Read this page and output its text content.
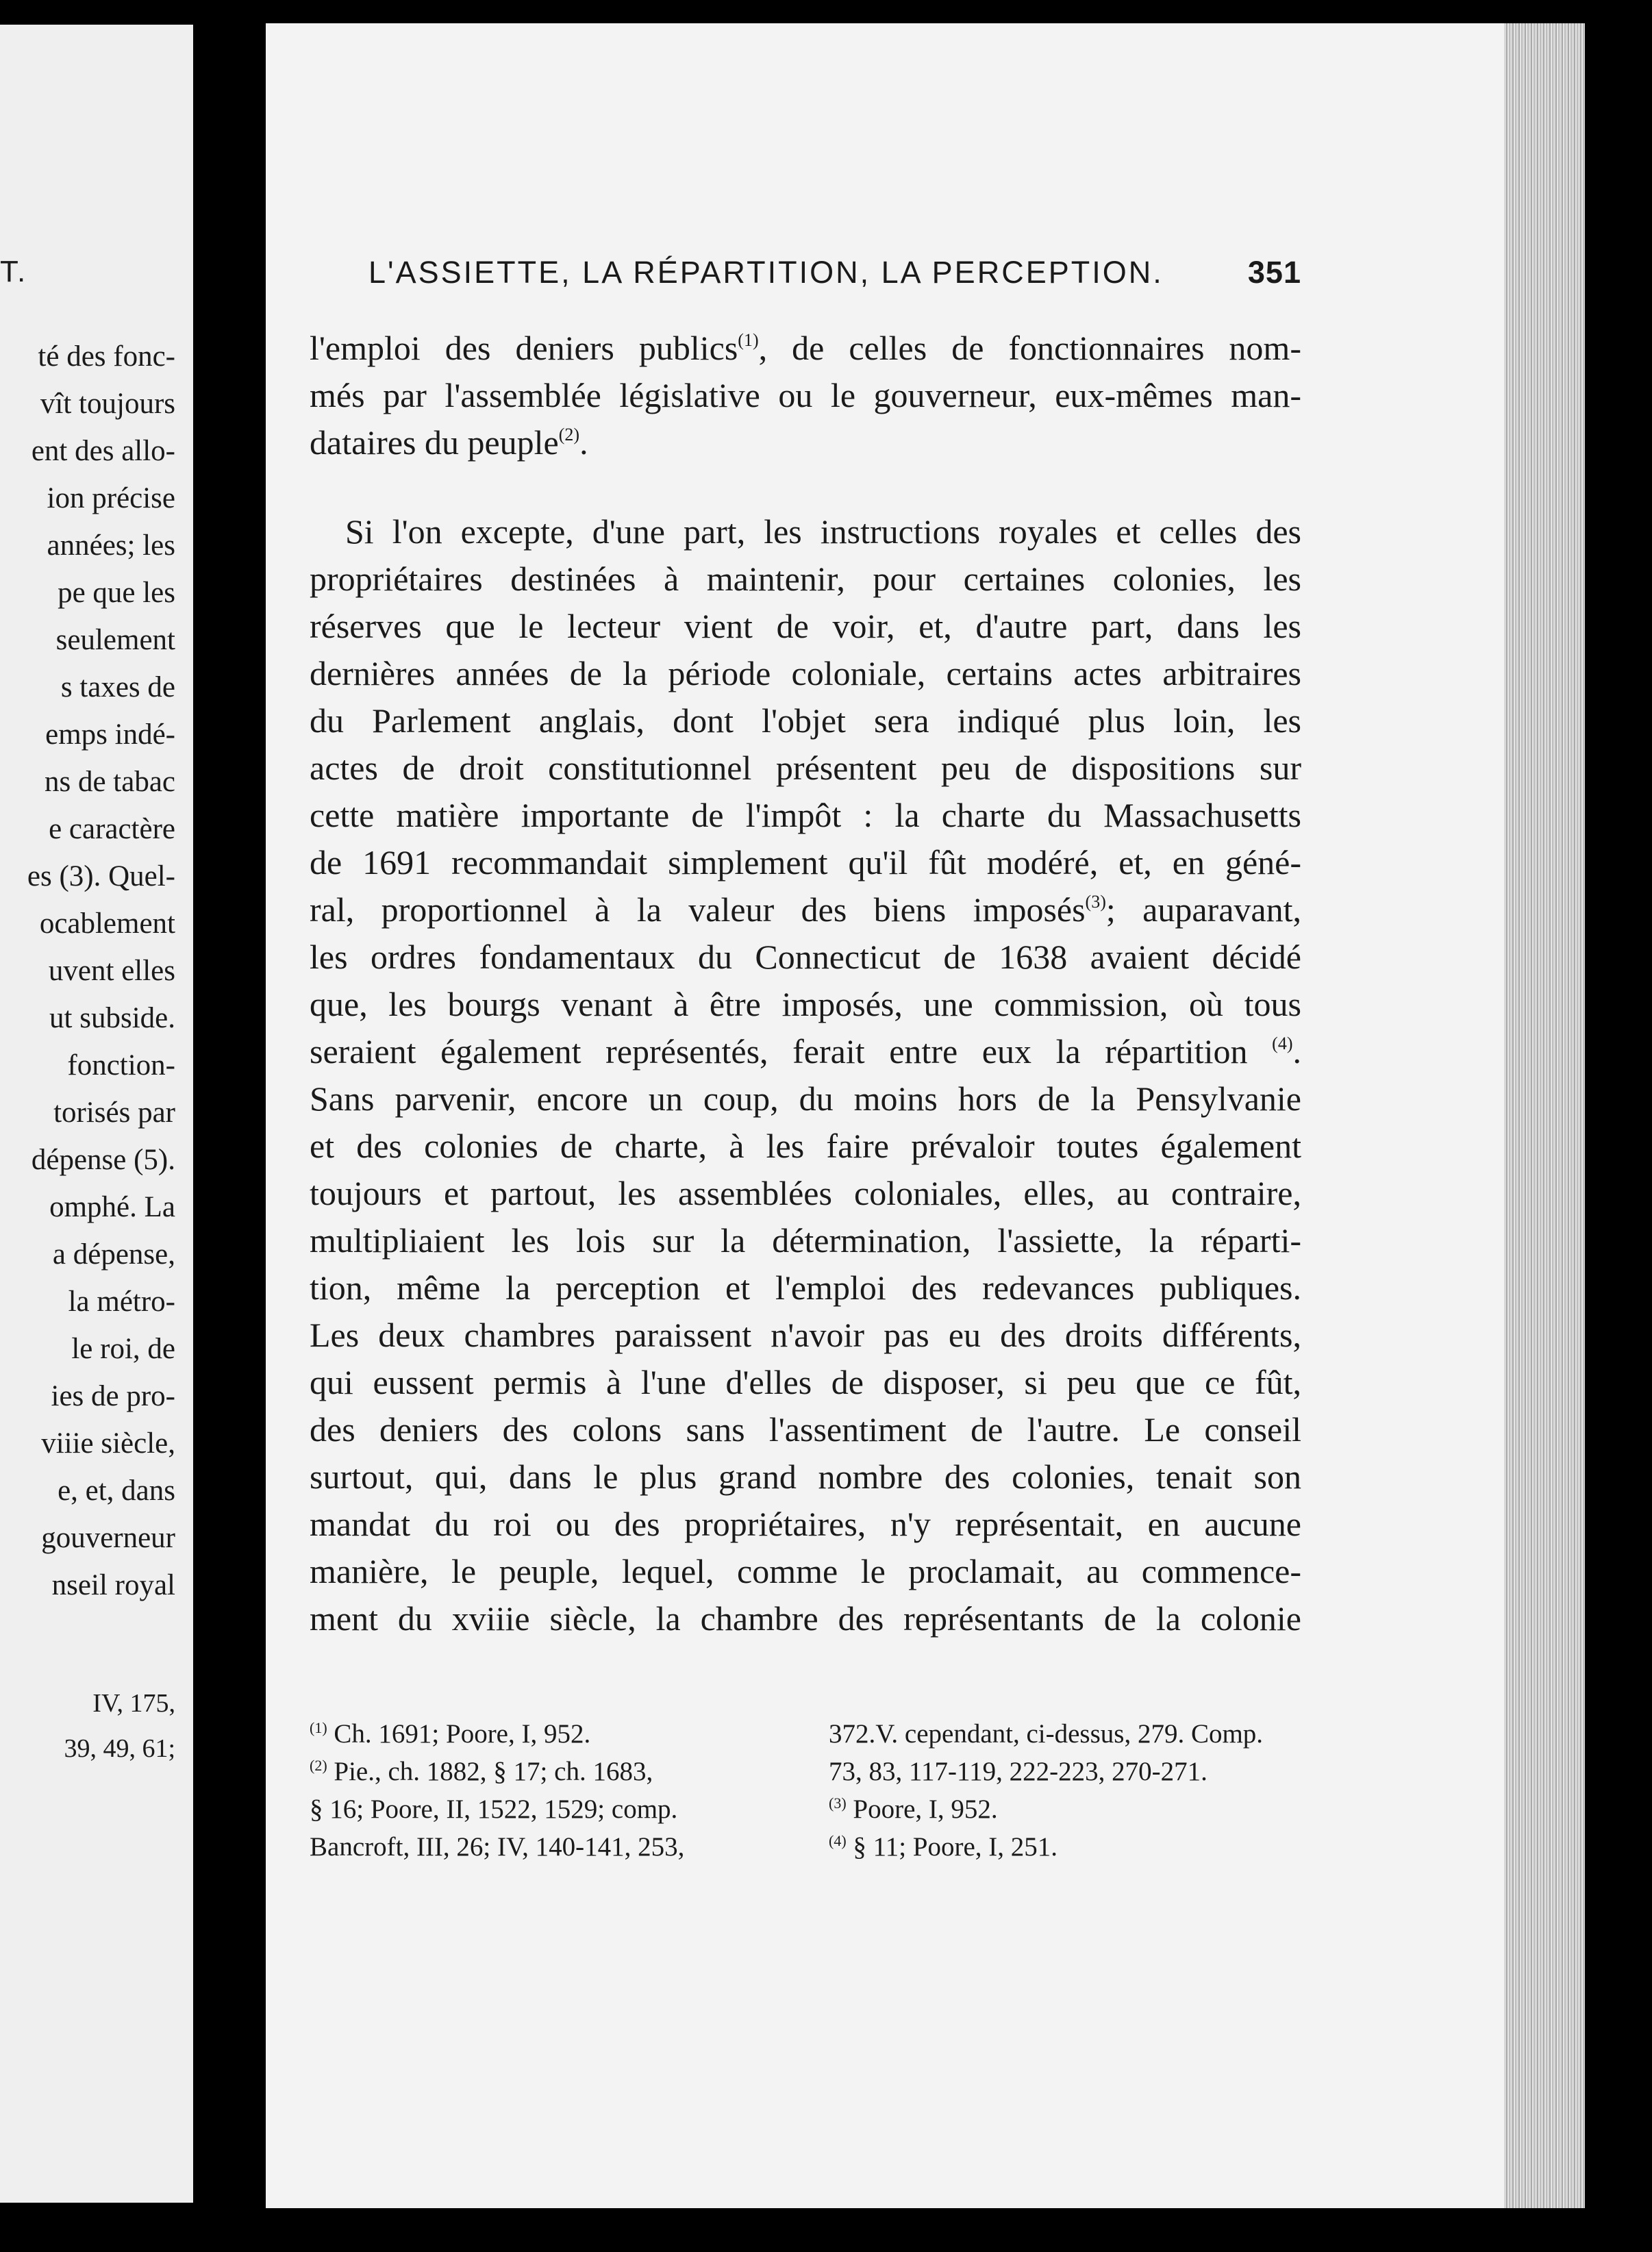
T.
té des fonc-
vît toujours
ent des allo-
ion précise
années; les
pe que les
seulement
s taxes de
emps indé-
ns de tabac
e caractère
es (3). Quel-
ocablement
uvent elles
ut subside.
fonction-
torisés par
dépense (5).
omphé. La
a dépense,
la métro-
le roi, de
ies de pro-
viiie siècle,
e, et, dans
gouverneur
nseil royal
IV, 175,
39, 49, 61;
L'ASSIETTE, LA RÉPARTITION, LA PERCEPTION.	351
l'emploi des deniers publics$^{(1)}$, de celles de fonctionnaires nom-
més par l'assemblée législative ou le gouverneur, eux-mêmes man-
dataires du peuple$^{(2)}$.
Si l'on excepte, d'une part, les instructions royales et celles des
propriétaires destinées à maintenir, pour certaines colonies, les
réserves que le lecteur vient de voir, et, d'autre part, dans les
dernières années de la période coloniale, certains actes arbitraires
du Parlement anglais, dont l'objet sera indiqué plus loin, les
actes de droit constitutionnel présentent peu de dispositions sur
cette matière importante de l'impôt : la charte du Massachusetts
de 1691 recommandait simplement qu'il fût modéré, et, en géné-
ral, proportionnel à la valeur des biens imposés$^{(3)}$; auparavant,
les ordres fondamentaux du Connecticut de 1638 avaient décidé
que, les bourgs venant à être imposés, une commission, où tous
seraient également représentés, ferait entre eux la répartition $^{(4)}$.
Sans parvenir, encore un coup, du moins hors de la Pensylvanie
et des colonies de charte, à les faire prévaloir toutes également
toujours et partout, les assemblées coloniales, elles, au contraire,
multipliaient les lois sur la détermination, l'assiette, la réparti-
tion, même la perception et l'emploi des redevances publiques.
Les deux chambres paraissent n'avoir pas eu des droits différents,
qui eussent permis à l'une d'elles de disposer, si peu que ce fût,
des deniers des colons sans l'assentiment de l'autre. Le conseil
surtout, qui, dans le plus grand nombre des colonies, tenait son
mandat du roi ou des propriétaires, n'y représentait, en aucune
manière, le peuple, lequel, comme le proclamait, au commence-
ment du xviiie siècle, la chambre des représentants de la colonie
$^{(1)}$ Ch. 1691; Poore, I, 952.
$^{(2)}$ Pie., ch. 1882, § 17; ch. 1683,
§ 16; Poore, II, 1522, 1529; comp.
Bancroft, III, 26; IV, 140-141, 253,
372.V. cependant, ci-dessus, 279. Comp.
73, 83, 117-119, 222-223, 270-271.
$^{(3)}$ Poore, I, 952.
$^{(4)}$ § 11; Poore, I, 251.
